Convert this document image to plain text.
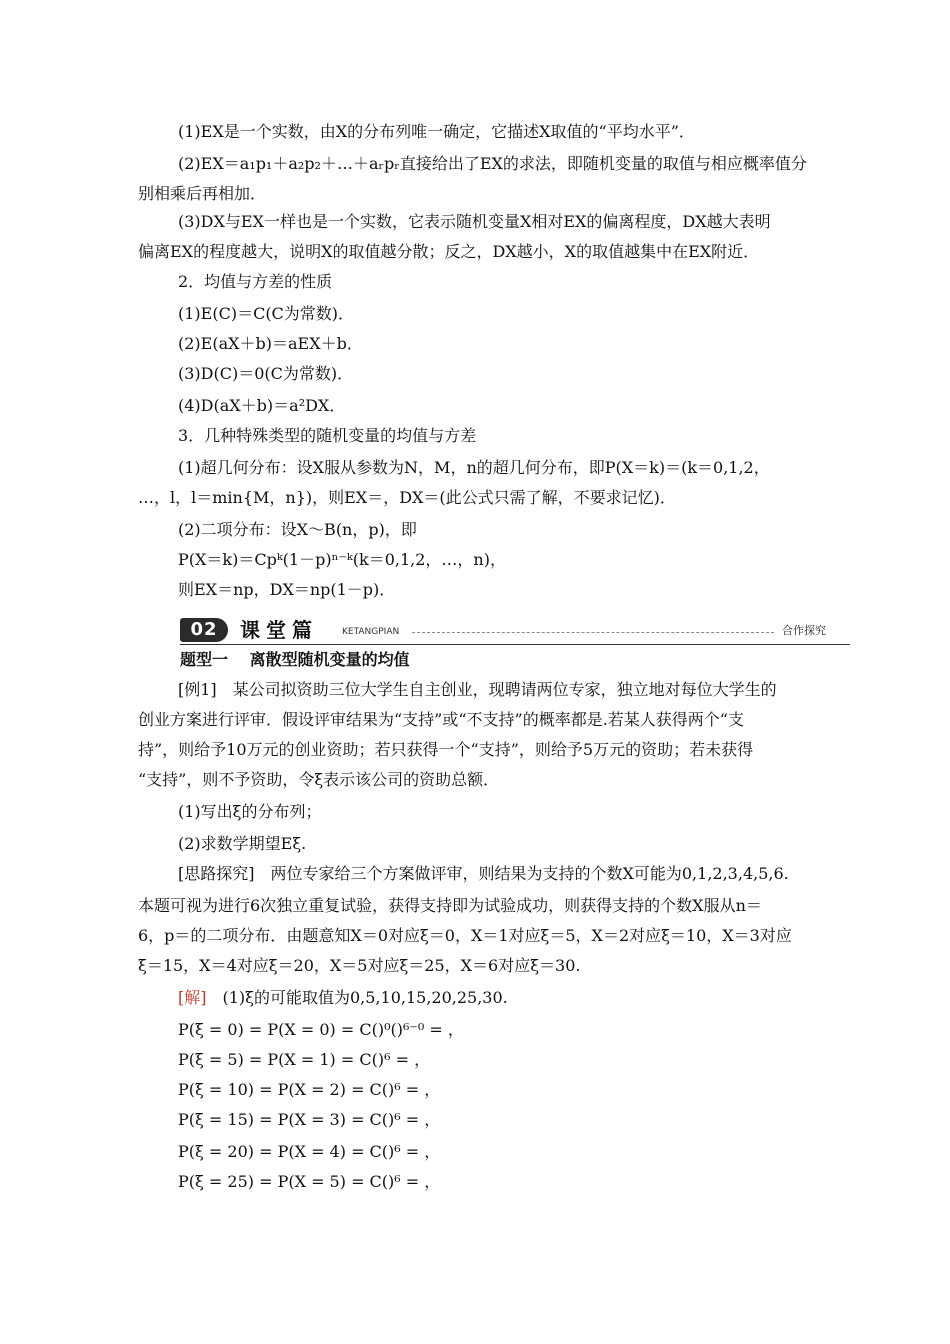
(1)EX是一个实数，由X的分布列唯一确定，它描述X取值的“平均水平”．
(2)EX＝a₁p₁＋a₂p₂＋…＋aᵣpᵣ直接给出了EX的求法，即随机变量的取值与相应概率值分
别相乘后再相加．
(3)DX与EX一样也是一个实数，它表示随机变量X相对EX的偏离程度，DX越大表明
偏离EX的程度越大，说明X的取值越分散；反之，DX越小，X的取值越集中在EX附近．
2．均值与方差的性质
(1)E(C)＝C(C为常数)．
(2)E(aX＋b)＝aEX＋b．
(3)D(C)＝0(C为常数)．
(4)D(aX＋b)＝a²DX．
3．几种特殊类型的随机变量的均值与方差
(1)超几何分布：设X服从参数为N，M，n的超几何分布，即P(X＝k)＝(k＝0,1,2，
…，l，l＝min{M，n})，则EX＝，DX＝(此公式只需了解，不要求记忆)．
(2)二项分布：设X～B(n，p)，即
P(X＝k)＝Cpᵏ(1－p)ⁿ⁻ᵏ(k＝0,1,2，…，n)，
则EX＝np，DX＝np(1－p)．
02	课堂篇	KETANGPIAN	合作探究
题型一　 离散型随机变量的均值
[例1]　某公司拟资助三位大学生自主创业，现聘请两位专家，独立地对每位大学生的
创业方案进行评审．假设评审结果为“支持”或“不支持”的概率都是.若某人获得两个“支
持”，则给予10万元的创业资助；若只获得一个“支持”，则给予5万元的资助；若未获得
“支持”，则不予资助，令ξ表示该公司的资助总额．
(1)写出ξ的分布列；
(2)求数学期望Eξ.
[思路探究]　两位专家给三个方案做评审，则结果为支持的个数X可能为0,1,2,3,4,5,6.
本题可视为进行6次独立重复试验，获得支持即为试验成功，则获得支持的个数X服从n＝
6，p＝的二项分布．由题意知X＝0对应ξ＝0，X＝1对应ξ＝5，X＝2对应ξ＝10，X＝3对应
ξ＝15，X＝4对应ξ＝20，X＝5对应ξ＝25，X＝6对应ξ＝30.
[解]　(1)ξ的可能取值为0,5,10,15,20,25,30.
P(ξ = 0) = P(X = 0) = C()⁰()⁶⁻⁰ = ，
P(ξ = 5) = P(X = 1) = C()⁶ = ，
P(ξ = 10) = P(X = 2) = C()⁶ = ，
P(ξ = 15) = P(X = 3) = C()⁶ = ，
P(ξ = 20) = P(X = 4) = C()⁶ = ，
P(ξ = 25) = P(X = 5) = C()⁶ = ，
